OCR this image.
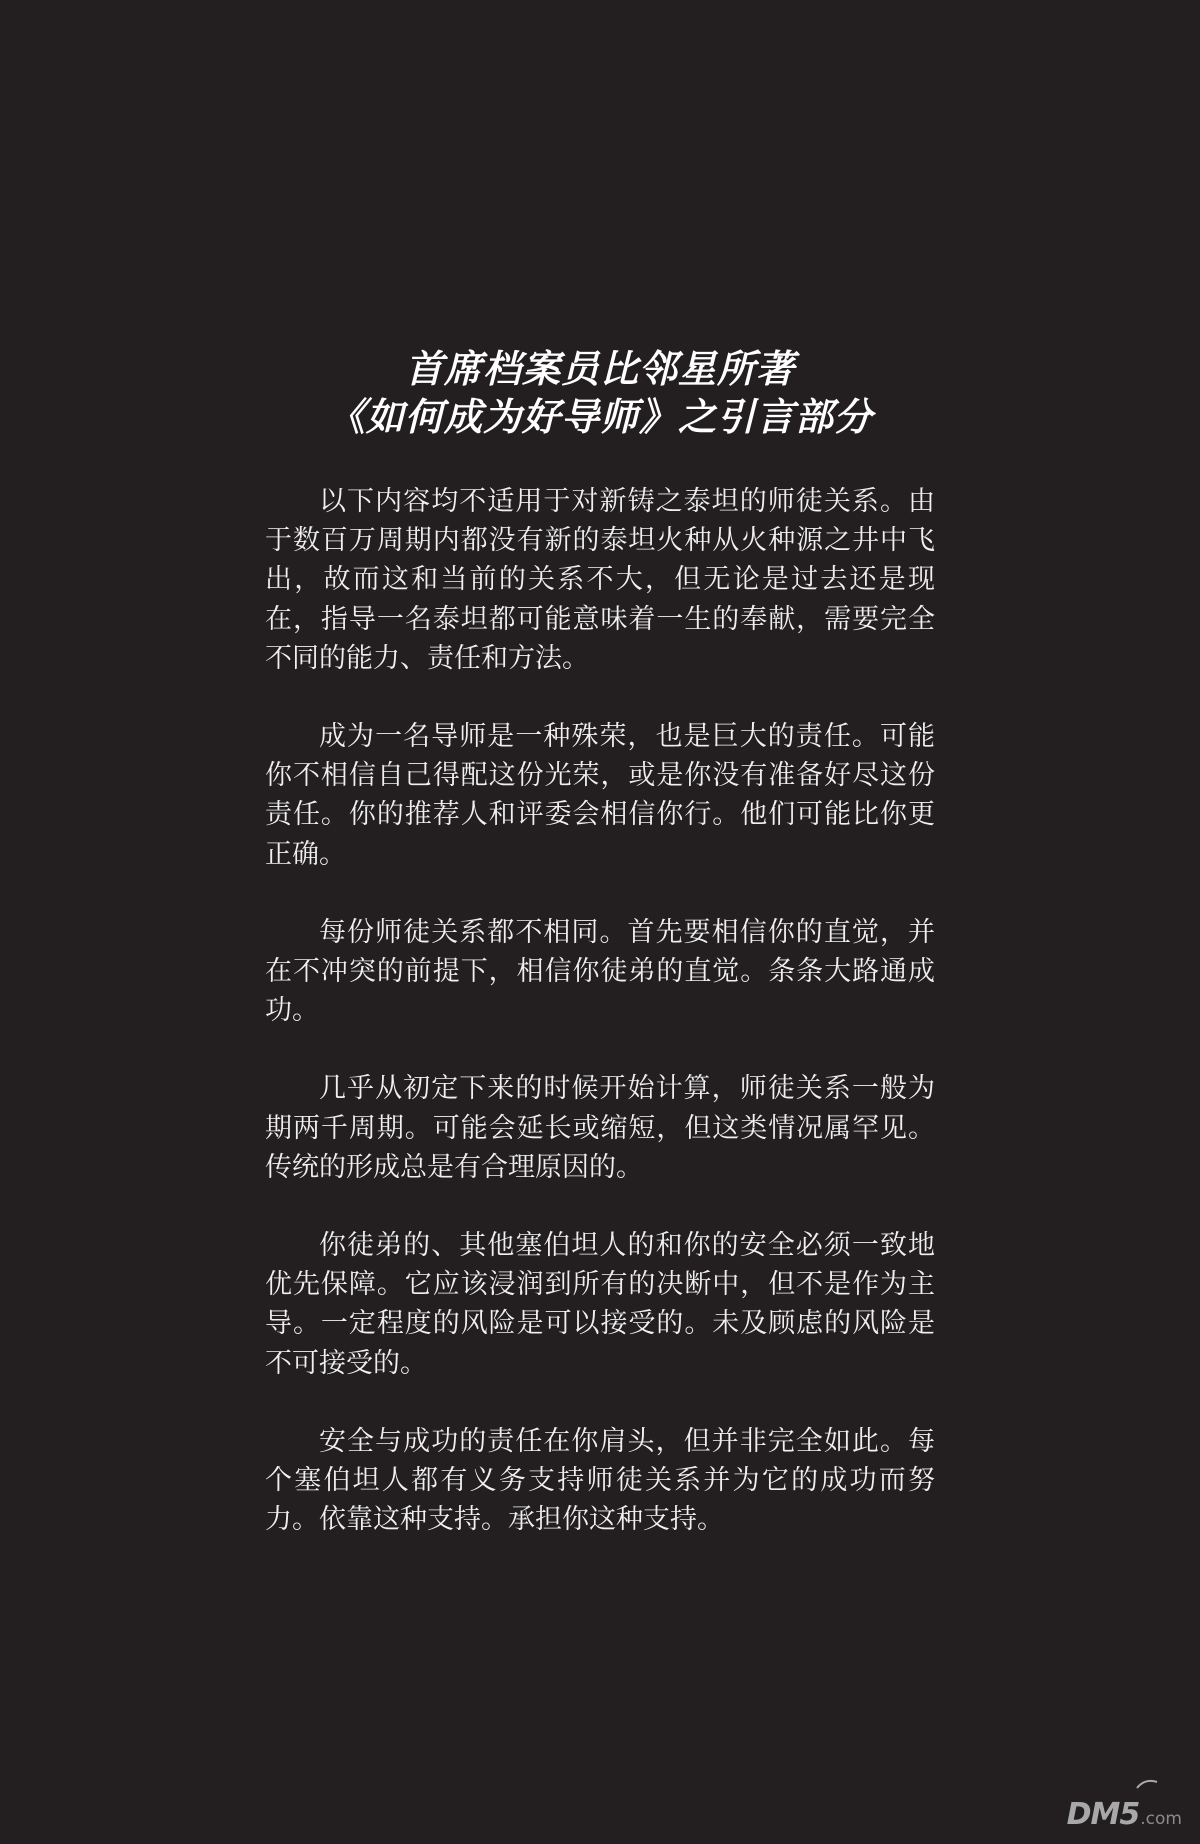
首席档案员比邻星所著
《如何成为好导师》之引言部分

以下内容均不适用于对新铸之泰坦的师徒关系。由于数百万周期内都没有新的泰坦火种从火种源之井中飞出，故而这和当前的关系不大，但无论是过去还是现在，指导一名泰坦都可能意味着一生的奉献，需要完全不同的能力、责任和方法。

成为一名导师是一种殊荣，也是巨大的责任。可能你不相信自己得配这份光荣，或是你没有准备好尽这份责任。你的推荐人和评委会相信你行。他们可能比你更正确。

每份师徒关系都不相同。首先要相信你的直觉，并在不冲突的前提下，相信你徒弟的直觉。条条大路通成功。

几乎从初定下来的时候开始计算，师徒关系一般为期两千周期。可能会延长或缩短，但这类情况属罕见。传统的形成总是有合理原因的。

你徒弟的、其他塞伯坦人的和你的安全必须一致地优先保障。它应该浸润到所有的决断中，但不是作为主导。一定程度的风险是可以接受的。未及顾虑的风险是不可接受的。

安全与成功的责任在你肩头，但并非完全如此。每个塞伯坦人都有义务支持师徒关系并为它的成功而努力。依靠这种支持。承担你这种支持。

DM5 .com
